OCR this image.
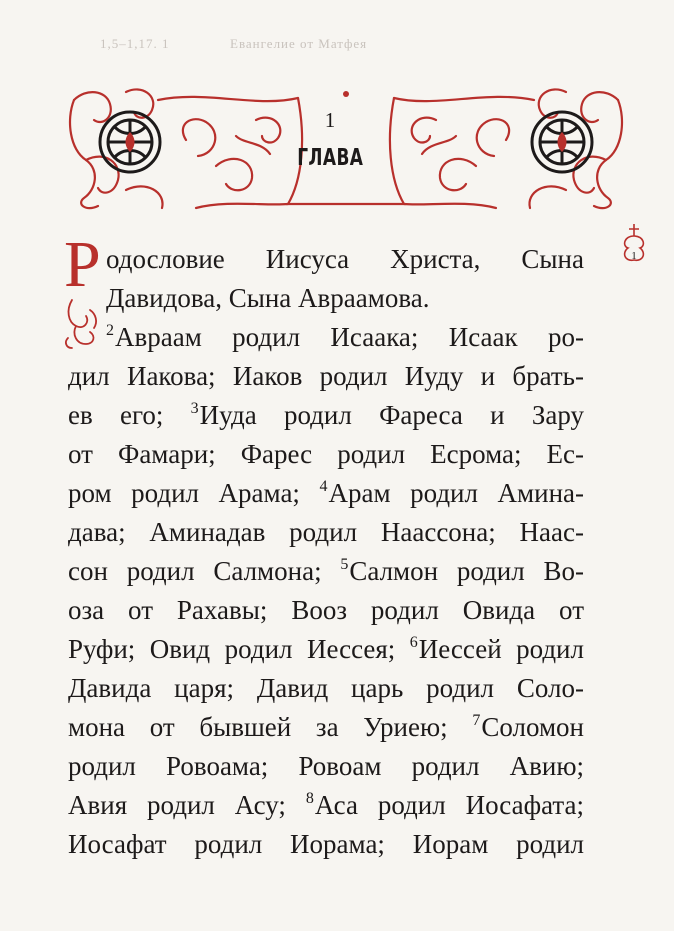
1,5–1,17. 1	Евангелие от Матфея
1
ГЛАВА
1
Р одословие Иисуса Христа, Сына
Давидова, Сына Авраамова.
$^2$Авраам родил Исаака; Исаак ро-
дил Иакова; Иаков родил Иуду и брать-
ев его; $^3$Иуда родил Фареса и Зару
от Фамари; Фарес родил Есрома; Ес-
ром родил Арама; $^4$Арам родил Амина-
дава; Аминадав родил Наассона; Наас-
сон родил Салмона; $^5$Салмон родил Во-
оза от Рахавы; Вооз родил Овида от
Руфи; Овид родил Иессея; $^6$Иессей родил
Давида царя; Давид царь родил Соло-
мона от бывшей за Уриею; $^7$Соломон
родил Ровоама; Ровоам родил Авию;
Авия родил Асу; $^8$Аса родил Иосафата;
Иосафат родил Иорама; Иорам родил
